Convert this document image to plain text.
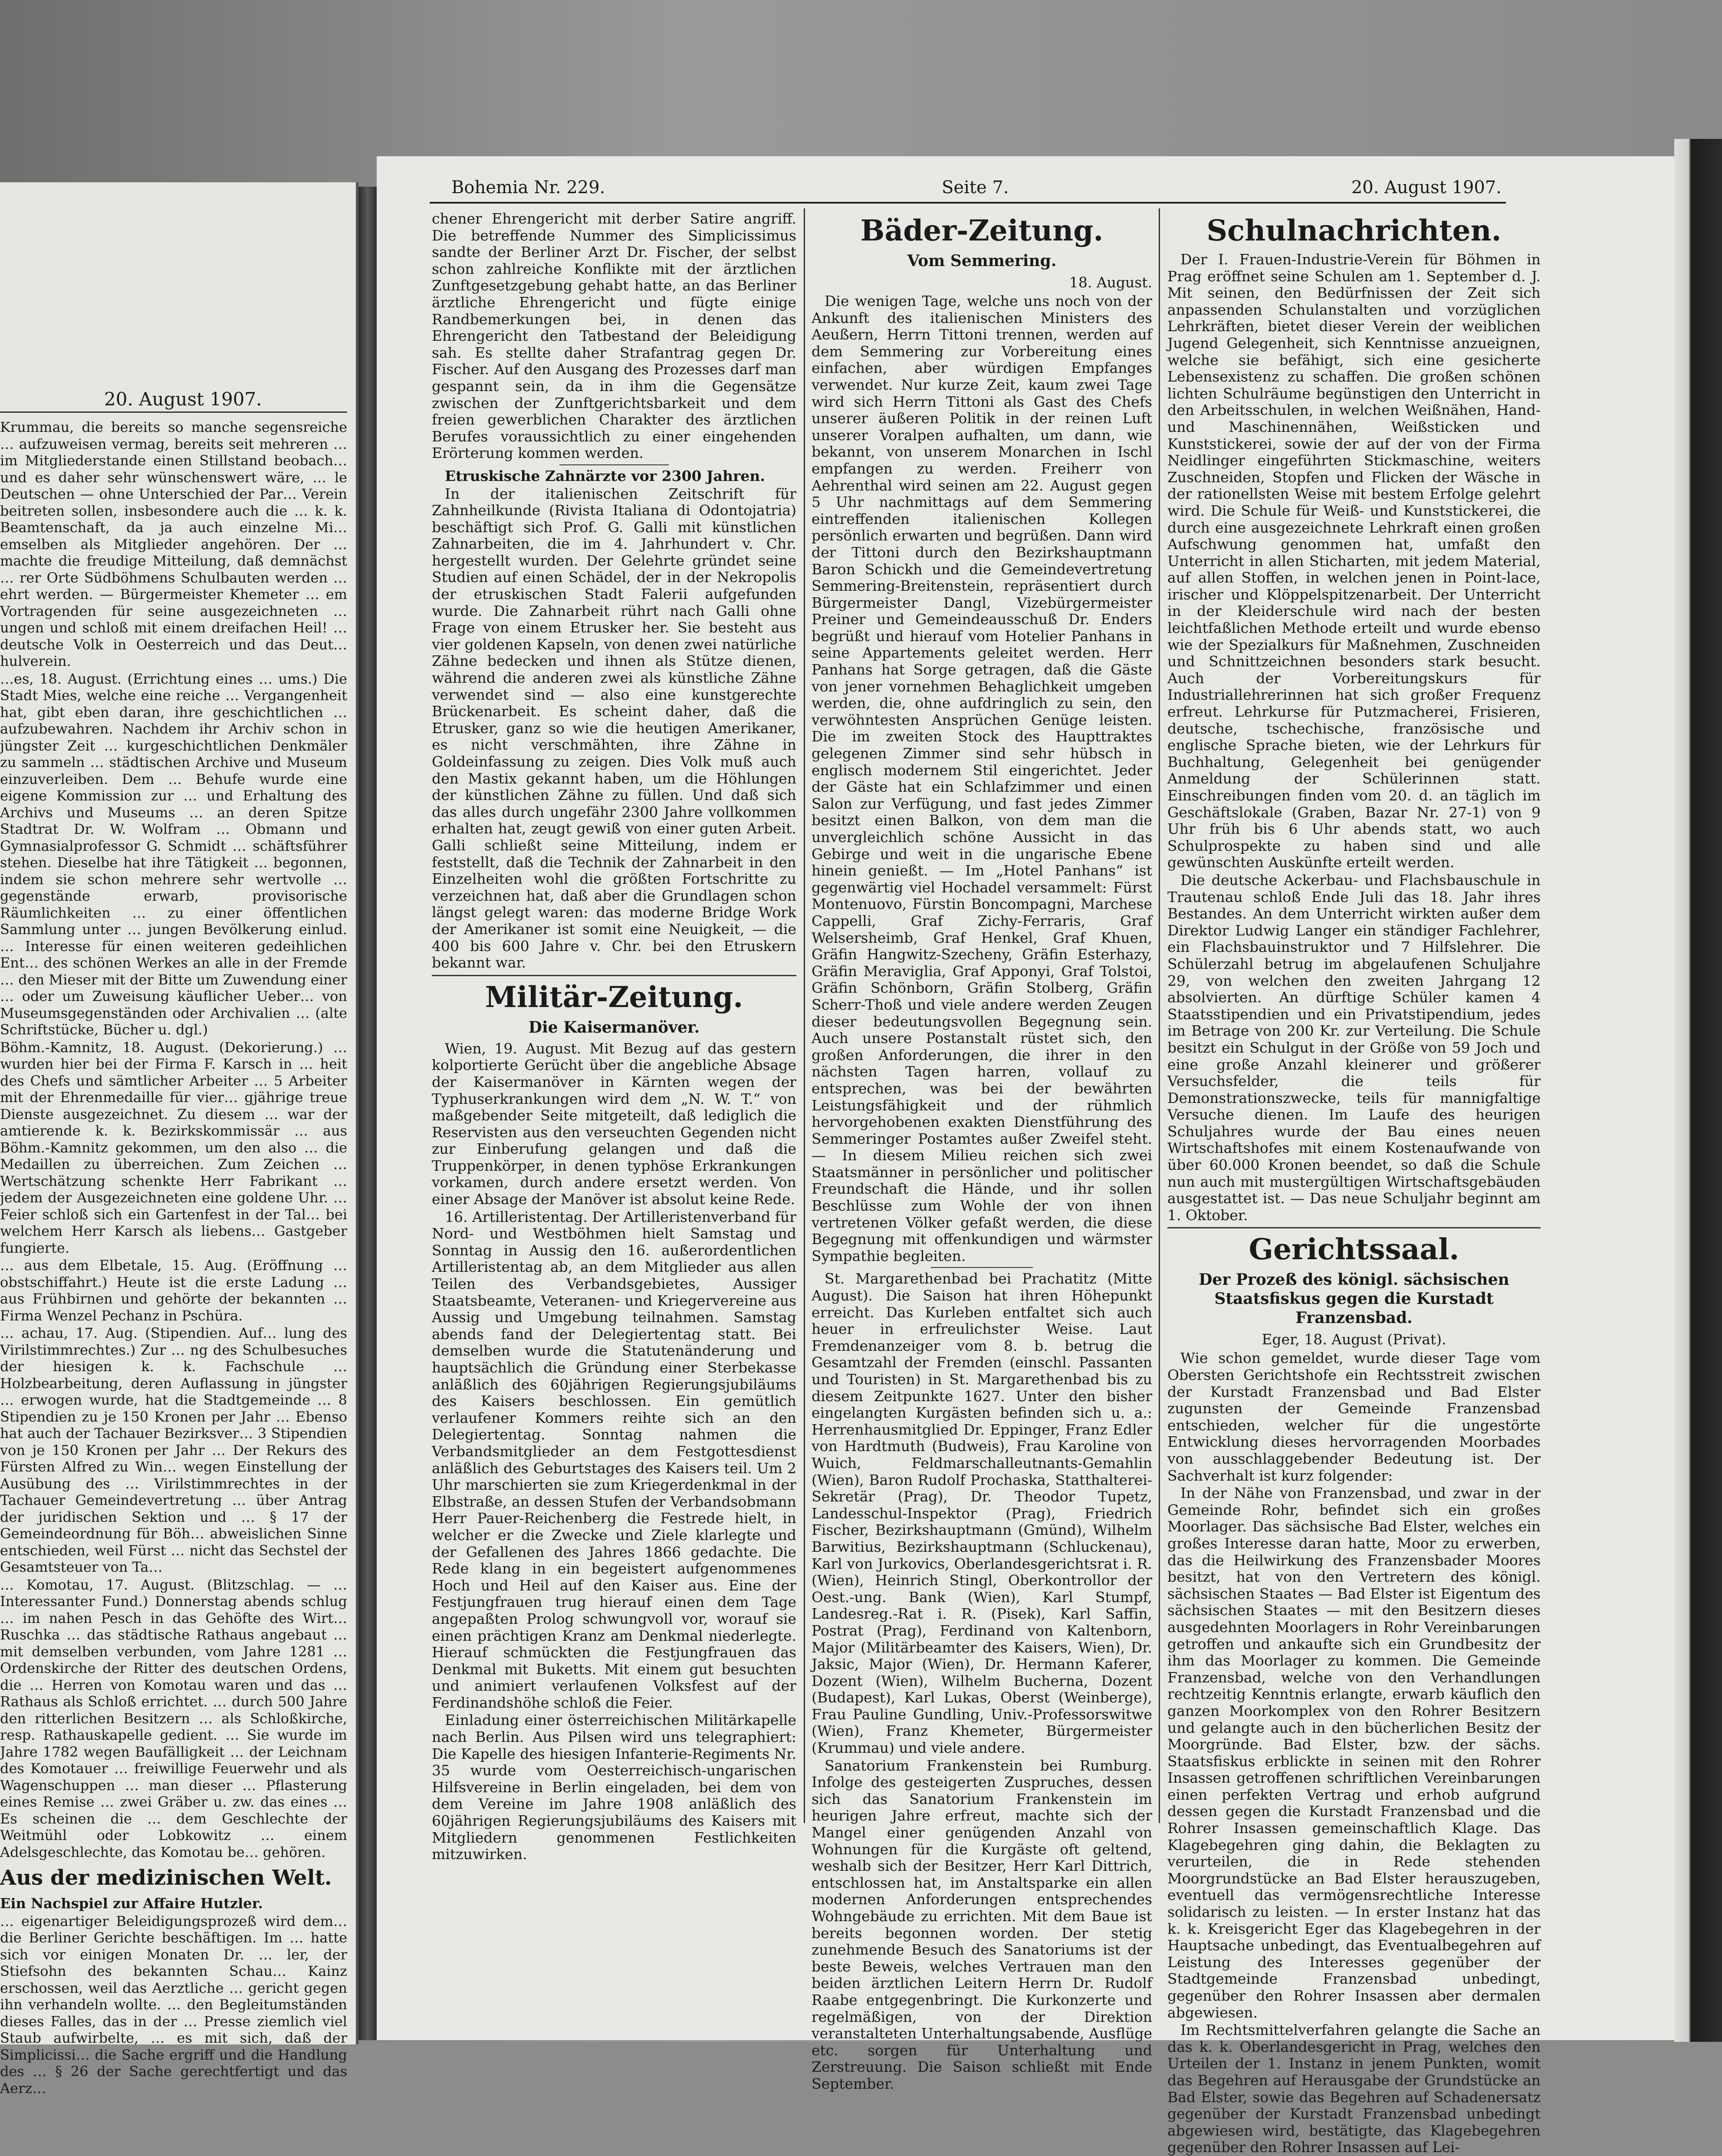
20. August 1907.

Krummau, die bereits so manche segensreiche … aufzuweisen vermag, bereits seit mehreren … im Mitgliederstande einen Stillstand beobach… und es daher sehr wünschenswert wäre, … le Deutschen — ohne Unterschied der Par… Verein beitreten sollen, insbesondere auch die … k. k. Beamtenschaft, da ja auch einzelne Mi… emselben als Mitglieder angehören. Der … machte die freudige Mitteilung, daß demnächst … rer Orte Südböhmens Schulbauten werden … ehrt werden. — Bürgermeister Khemeter … em Vortragenden für seine ausgezeichneten … ungen und schloß mit einem dreifachen Heil! … deutsche Volk in Oesterreich und das Deut… hulverein.

…es, 18. August. (Errichtung eines … ums.) Die Stadt Mies, welche eine reiche … Vergangenheit hat, gibt eben daran, ihre geschichtlichen … aufzubewahren. Nachdem ihr Archiv schon in jüngster Zeit … kurgeschichtlichen Denkmäler zu sammeln … städtischen Archive und Museum einzuverleiben. Dem … Behufe wurde eine eigene Kommission zur … und Erhaltung des Archivs und Museums … an deren Spitze Stadtrat Dr. W. Wolfram … Obmann und Gymnasialprofessor G. Schmidt … schäftsführer stehen. Dieselbe hat ihre Tätigkeit … begonnen, indem sie schon mehrere sehr wertvolle … gegenstände erwarb, provisorische Räumlichkeiten … zu einer öffentlichen Sammlung unter … jungen Bevölkerung einlud. … Interesse für einen weiteren gedeihlichen Ent… des schönen Werkes an alle in der Fremde … den Mieser mit der Bitte um Zuwendung einer … oder um Zuweisung käuflicher Ueber… von Museumsgegenständen oder Archivalien … (alte Schriftstücke, Bücher u. dgl.)

Böhm.-Kamnitz, 18. August. (Dekorierung.) … wurden hier bei der Firma F. Karsch in … heit des Chefs und sämtlicher Arbeiter … 5 Arbeiter mit der Ehrenmedaille für vier… gjährige treue Dienste ausgezeichnet. Zu diesem … war der amtierende k. k. Bezirkskommissär … aus Böhm.-Kamnitz gekommen, um den also … die Medaillen zu überreichen. Zum Zeichen … Wertschätzung schenkte Herr Fabrikant … jedem der Ausgezeichneten eine goldene Uhr. … Feier schloß sich ein Gartenfest in der Tal… bei welchem Herr Karsch als liebens… Gastgeber fungierte.

… aus dem Elbetale, 15. Aug. (Eröffnung … obstschiffahrt.) Heute ist die erste Ladung … aus Frühbirnen und gehörte der bekannten … Firma Wenzel Pechanz in Pschüra.

… achau, 17. Aug. (Stipendien. Auf… lung des Virilstimmrechtes.) Zur … ng des Schulbesuches der hiesigen k. k. Fachschule … Holzbearbeitung, deren Auflassung in jüngster … erwogen wurde, hat die Stadtgemeinde … 8 Stipendien zu je 150 Kronen per Jahr … Ebenso hat auch der Tachauer Bezirksver… 3 Stipendien von je 150 Kronen per Jahr … Der Rekurs des Fürsten Alfred zu Win… wegen Einstellung der Ausübung des … Virilstimmrechtes in der Tachauer Gemeindevertretung … über Antrag der juridischen Sektion und … § 17 der Gemeindeordnung für Böh… abweislichen Sinne entschieden, weil Fürst … nicht das Sechstel der Gesamtsteuer von Ta…

… Komotau, 17. August. (Blitzschlag. — … Interessanter Fund.) Donnerstag abends schlug … im nahen Pesch in das Gehöfte des Wirt… Ruschka … das städtische Rathaus angebaut … mit demselben verbunden, vom Jahre 1281 … Ordenskirche der Ritter des deutschen Ordens, die … Herren von Komotau waren und das … Rathaus als Schloß errichtet. … durch 500 Jahre den ritterlichen Besitzern … als Schloßkirche, resp. Rathauskapelle gedient. … Sie wurde im Jahre 1782 wegen Baufälligkeit … der Leichnam des Komotauer … freiwillige Feuerwehr und als Wagenschuppen … man dieser … Pflasterung eines Remise … zwei Gräber u. zw. das eines … Es scheinen die … dem Geschlechte der Weitmühl oder Lobkowitz … einem Adelsgeschlechte, das Komotau be… gehören.

Aus der medizinischen Welt.

Ein Nachspiel zur Affaire Hutzler.

… eigenartiger Beleidigungsprozeß wird dem… die Berliner Gerichte beschäftigen. Im … hatte sich vor einigen Monaten Dr. … ler, der Stiefsohn des bekannten Schau… Kainz erschossen, weil das Aerztliche … gericht gegen ihn verhandeln wollte. … den Begleitumständen dieses Falles, das in der … Presse ziemlich viel Staub aufwirbelte, … es mit sich, daß der Simplicissi… die Sache ergriff und die Handlung des … § 26 der Sache gerechtfertigt und das Aerz…

Bohemia Nr. 229.	Seite 7.	20. August 1907.

chener Ehrengericht mit derber Satire angriff. Die betreffende Nummer des Simplicissimus sandte der Berliner Arzt Dr. Fischer, der selbst schon zahlreiche Konflikte mit der ärztlichen Zunftgesetzgebung gehabt hatte, an das Berliner ärztliche Ehrengericht und fügte einige Randbemerkungen bei, in denen das Ehrengericht den Tatbestand der Beleidigung sah. Es stellte daher Strafantrag gegen Dr. Fischer. Auf den Ausgang des Prozesses darf man gespannt sein, da in ihm die Gegensätze zwischen der Zunftgerichtsbarkeit und dem freien gewerblichen Charakter des ärztlichen Berufes voraussichtlich zu einer eingehenden Erörterung kommen werden.

Etruskische Zahnärzte vor 2300 Jahren.

In der italienischen Zeitschrift für Zahnheilkunde (Rivista Italiana di Odontojatria) beschäftigt sich Prof. G. Galli mit künstlichen Zahnarbeiten, die im 4. Jahrhundert v. Chr. hergestellt wurden. Der Gelehrte gründet seine Studien auf einen Schädel, der in der Nekropolis der etruskischen Stadt Falerii aufgefunden wurde. Die Zahnarbeit rührt nach Galli ohne Frage von einem Etrusker her. Sie besteht aus vier goldenen Kapseln, von denen zwei natürliche Zähne bedecken und ihnen als Stütze dienen, während die anderen zwei als künstliche Zähne verwendet sind — also eine kunstgerechte Brückenarbeit. Es scheint daher, daß die Etrusker, ganz so wie die heutigen Amerikaner, es nicht verschmähten, ihre Zähne in Goldeinfassung zu zeigen. Dies Volk muß auch den Mastix gekannt haben, um die Höhlungen der künstlichen Zähne zu füllen. Und daß sich das alles durch ungefähr 2300 Jahre vollkommen erhalten hat, zeugt gewiß von einer guten Arbeit. Galli schließt seine Mitteilung, indem er feststellt, daß die Technik der Zahnarbeit in den Einzelheiten wohl die größten Fortschritte zu verzeichnen hat, daß aber die Grundlagen schon längst gelegt waren: das moderne Bridge Work der Amerikaner ist somit eine Neuigkeit, — die 400 bis 600 Jahre v. Chr. bei den Etruskern bekannt war.

Militär-Zeitung.
Die Kaisermanöver.

Wien, 19. August. Mit Bezug auf das gestern kolportierte Gerücht über die angebliche Absage der Kaisermanöver in Kärnten wegen der Typhuserkrankungen wird dem „N. W. T.“ von maßgebender Seite mitgeteilt, daß lediglich die Reservisten aus den verseuchten Gegenden nicht zur Einberufung gelangen und daß die Truppenkörper, in denen typhöse Erkrankungen vorkamen, durch andere ersetzt werden. Von einer Absage der Manöver ist absolut keine Rede.

16. Artilleristentag. Der Artilleristenverband für Nord- und Westböhmen hielt Samstag und Sonntag in Aussig den 16. außerordentlichen Artilleristentag ab, an dem Mitglieder aus allen Teilen des Verbandsgebietes, Aussiger Staatsbeamte, Veteranen- und Kriegervereine aus Aussig und Umgebung teilnahmen. Samstag abends fand der Delegiertentag statt. Bei demselben wurde die Statutenänderung und hauptsächlich die Gründung einer Sterbekasse anläßlich des 60jährigen Regierungsjubiläums des Kaisers beschlossen. Ein gemütlich verlaufener Kommers reihte sich an den Delegiertentag. Sonntag nahmen die Verbandsmitglieder an dem Festgottesdienst anläßlich des Geburtstages des Kaisers teil. Um 2 Uhr marschierten sie zum Kriegerdenkmal in der Elbstraße, an dessen Stufen der Verbandsobmann Herr Pauer-Reichenberg die Festrede hielt, in welcher er die Zwecke und Ziele klarlegte und der Gefallenen des Jahres 1866 gedachte. Die Rede klang in ein begeistert aufgenommenes Hoch und Heil auf den Kaiser aus. Eine der Festjungfrauen trug hierauf einen dem Tage angepaßten Prolog schwungvoll vor, worauf sie einen prächtigen Kranz am Denkmal niederlegte. Hierauf schmückten die Festjungfrauen das Denkmal mit Buketts. Mit einem gut besuchten und animiert verlaufenen Volksfest auf der Ferdinandshöhe schloß die Feier.

Einladung einer österreichischen Militärkapelle nach Berlin. Aus Pilsen wird uns telegraphiert: Die Kapelle des hiesigen Infanterie-Regiments Nr. 35 wurde vom Oesterreichisch-ungarischen Hilfsvereine in Berlin eingeladen, bei dem von dem Vereine im Jahre 1908 anläßlich des 60jährigen Regierungsjubiläums des Kaisers mit Mitgliedern genommenen Festlichkeiten mitzuwirken.

Bäder-Zeitung.
Vom Semmering.
18. August.

Die wenigen Tage, welche uns noch von der Ankunft des italienischen Ministers des Aeußern, Herrn Tittoni trennen, werden auf dem Semmering zur Vorbereitung eines einfachen, aber würdigen Empfanges verwendet. Nur kurze Zeit, kaum zwei Tage wird sich Herrn Tittoni als Gast des Chefs unserer äußeren Politik in der reinen Luft unserer Voralpen aufhalten, um dann, wie bekannt, von unserem Monarchen in Ischl empfangen zu werden. Freiherr von Aehrenthal wird seinen am 22. August gegen 5 Uhr nachmittags auf dem Semmering eintreffenden italienischen Kollegen persönlich erwarten und begrüßen. Dann wird der Tittoni durch den Bezirkshauptmann Baron Schickh und die Gemeindevertretung Semmering-Breitenstein, repräsentiert durch Bürgermeister Dangl, Vizebürgermeister Preiner und Gemeindeausschuß Dr. Enders begrüßt und hierauf vom Hotelier Panhans in seine Appartements geleitet werden. Herr Panhans hat Sorge getragen, daß die Gäste von jener vornehmen Behaglichkeit umgeben werden, die, ohne aufdringlich zu sein, den verwöhntesten Ansprüchen Genüge leisten. Die im zweiten Stock des Haupttraktes gelegenen Zimmer sind sehr hübsch in englisch modernem Stil eingerichtet. Jeder der Gäste hat ein Schlafzimmer und einen Salon zur Verfügung, und fast jedes Zimmer besitzt einen Balkon, von dem man die unvergleichlich schöne Aussicht in das Gebirge und weit in die ungarische Ebene hinein genießt. — Im „Hotel Panhans“ ist gegenwärtig viel Hochadel versammelt: Fürst Montenuovo, Fürstin Boncompagni, Marchese Cappelli, Graf Zichy-Ferraris, Graf Welsersheimb, Graf Henkel, Graf Khuen, Gräfin Hangwitz-Szecheny, Gräfin Esterhazy, Gräfin Meraviglia, Graf Apponyi, Graf Tolstoi, Gräfin Schönborn, Gräfin Stolberg, Gräfin Scherr-Thoß und viele andere werden Zeugen dieser bedeutungsvollen Begegnung sein. Auch unsere Postanstalt rüstet sich, den großen Anforderungen, die ihrer in den nächsten Tagen harren, vollauf zu entsprechen, was bei der bewährten Leistungsfähigkeit und der rühmlich hervorgehobenen exakten Dienstführung des Semmeringer Postamtes außer Zweifel steht. — In diesem Milieu reichen sich zwei Staatsmänner in persönlicher und politischer Freundschaft die Hände, und ihr sollen Beschlüsse zum Wohle der von ihnen vertretenen Völker gefaßt werden, die diese Begegnung mit offenkundigen und wärmster Sympathie begleiten.

St. Margarethenbad bei Prachatitz (Mitte August). Die Saison hat ihren Höhepunkt erreicht. Das Kurleben entfaltet sich auch heuer in erfreulichster Weise. Laut Fremdenanzeiger vom 8. b. betrug die Gesamtzahl der Fremden (einschl. Passanten und Touristen) in St. Margarethenbad bis zu diesem Zeitpunkte 1627. Unter den bisher eingelangten Kurgästen befinden sich u. a.: Herrenhausmitglied Dr. Eppinger, Franz Edler von Hardtmuth (Budweis), Frau Karoline von Wuich, Feldmarschalleutnants-Gemahlin (Wien), Baron Rudolf Prochaska, Statthalterei-Sekretär (Prag), Dr. Theodor Tupetz, Landesschul-Inspektor (Prag), Friedrich Fischer, Bezirkshauptmann (Gmünd), Wilhelm Barwitius, Bezirkshauptmann (Schluckenau), Karl von Jurkovics, Oberlandesgerichtsrat i. R. (Wien), Heinrich Stingl, Oberkontrollor der Oest.-ung. Bank (Wien), Karl Stumpf, Landesreg.-Rat i. R. (Pisek), Karl Saffin, Postrat (Prag), Ferdinand von Kaltenborn, Major (Militärbeamter des Kaisers, Wien), Dr. Jaksic, Major (Wien), Dr. Hermann Kaferer, Dozent (Wien), Wilhelm Bucherna, Dozent (Budapest), Karl Lukas, Oberst (Weinberge), Frau Pauline Gundling, Univ.-Professorswitwe (Wien), Franz Khemeter, Bürgermeister (Krummau) und viele andere.

Sanatorium Frankenstein bei Rumburg. Infolge des gesteigerten Zuspruches, dessen sich das Sanatorium Frankenstein im heurigen Jahre erfreut, machte sich der Mangel einer genügenden Anzahl von Wohnungen für die Kurgäste oft geltend, weshalb sich der Besitzer, Herr Karl Dittrich, entschlossen hat, im Anstaltsparke ein allen modernen Anforderungen entsprechendes Wohngebäude zu errichten. Mit dem Baue ist bereits begonnen worden. Der stetig zunehmende Besuch des Sanatoriums ist der beste Beweis, welches Vertrauen man den beiden ärztlichen Leitern Herrn Dr. Rudolf Raabe entgegenbringt. Die Kurkonzerte und regelmäßigen, von der Direktion veranstalteten Unterhaltungsabende, Ausflüge etc. sorgen für Unterhaltung und Zerstreuung. Die Saison schließt mit Ende September.

Schulnachrichten.

Der I. Frauen-Industrie-Verein für Böhmen in Prag eröffnet seine Schulen am 1. September d. J. Mit seinen, den Bedürfnissen der Zeit sich anpassenden Schulanstalten und vorzüglichen Lehrkräften, bietet dieser Verein der weiblichen Jugend Gelegenheit, sich Kenntnisse anzueignen, welche sie befähigt, sich eine gesicherte Lebensexistenz zu schaffen. Die großen schönen lichten Schulräume begünstigen den Unterricht in den Arbeitsschulen, in welchen Weißnähen, Hand- und Maschinennähen, Weißsticken und Kunststickerei, sowie der auf der von der Firma Neidlinger eingeführten Stickmaschine, weiters Zuschneiden, Stopfen und Flicken der Wäsche in der rationellsten Weise mit bestem Erfolge gelehrt wird. Die Schule für Weiß- und Kunststickerei, die durch eine ausgezeichnete Lehrkraft einen großen Aufschwung genommen hat, umfaßt den Unterricht in allen Sticharten, mit jedem Material, auf allen Stoffen, in welchen jenen in Point-lace, irischer und Klöppelspitzenarbeit. Der Unterricht in der Kleiderschule wird nach der besten leichtfaßlichen Methode erteilt und wurde ebenso wie der Spezialkurs für Maßnehmen, Zuschneiden und Schnittzeichnen besonders stark besucht. Auch der Vorbereitungskurs für Industriallehrerinnen hat sich großer Frequenz erfreut. Lehrkurse für Putzmacherei, Frisieren, deutsche, tschechische, französische und englische Sprache bieten, wie der Lehrkurs für Buchhaltung, Gelegenheit bei genügender Anmeldung der Schülerinnen statt. Einschreibungen finden vom 20. d. an täglich im Geschäftslokale (Graben, Bazar Nr. 27-1) von 9 Uhr früh bis 6 Uhr abends statt, wo auch Schulprospekte zu haben sind und alle gewünschten Auskünfte erteilt werden.

Die deutsche Ackerbau- und Flachsbauschule in Trautenau schloß Ende Juli das 18. Jahr ihres Bestandes. An dem Unterricht wirkten außer dem Direktor Ludwig Langer ein ständiger Fachlehrer, ein Flachsbauinstruktor und 7 Hilfslehrer. Die Schülerzahl betrug im abgelaufenen Schuljahre 29, von welchen den zweiten Jahrgang 12 absolvierten. An dürftige Schüler kamen 4 Staatsstipendien und ein Privatstipendium, jedes im Betrage von 200 Kr. zur Verteilung. Die Schule besitzt ein Schulgut in der Größe von 59 Joch und eine große Anzahl kleinerer und größerer Versuchsfelder, die teils für Demonstrationszwecke, teils für mannigfaltige Versuche dienen. Im Laufe des heurigen Schuljahres wurde der Bau eines neuen Wirtschaftshofes mit einem Kostenaufwande von über 60.000 Kronen beendet, so daß die Schule nun auch mit mustergültigen Wirtschaftsgebäuden ausgestattet ist. — Das neue Schuljahr beginnt am 1. Oktober.

Gerichtssaal.
Der Prozeß des königl. sächsischen Staatsfiskus gegen die Kurstadt Franzensbad.
Eger, 18. August (Privat).

Wie schon gemeldet, wurde dieser Tage vom Obersten Gerichtshofe ein Rechtsstreit zwischen der Kurstadt Franzensbad und Bad Elster zugunsten der Gemeinde Franzensbad entschieden, welcher für die ungestörte Entwicklung dieses hervorragenden Moorbades von ausschlaggebender Bedeutung ist. Der Sachverhalt ist kurz folgender:

In der Nähe von Franzensbad, und zwar in der Gemeinde Rohr, befindet sich ein großes Moorlager. Das sächsische Bad Elster, welches ein großes Interesse daran hatte, Moor zu erwerben, das die Heilwirkung des Franzensbader Moores besitzt, hat von den Vertretern des königl. sächsischen Staates — Bad Elster ist Eigentum des sächsischen Staates — mit den Besitzern dieses ausgedehnten Moorlagers in Rohr Vereinbarungen getroffen und ankaufte sich ein Grundbesitz der ihm das Moorlager zu kommen. Die Gemeinde Franzensbad, welche von den Verhandlungen rechtzeitig Kenntnis erlangte, erwarb käuflich den ganzen Moorkomplex von den Rohrer Besitzern und gelangte auch in den bücherlichen Besitz der Moorgründe. Bad Elster, bzw. der sächs. Staatsfiskus erblickte in seinen mit den Rohrer Insassen getroffenen schriftlichen Vereinbarungen einen perfekten Vertrag und erhob aufgrund dessen gegen die Kurstadt Franzensbad und die Rohrer Insassen gemeinschaftlich Klage. Das Klagebegehren ging dahin, die Beklagten zu verurteilen, die in Rede stehenden Moorgrundstücke an Bad Elster herauszugeben, eventuell das vermögensrechtliche Interesse solidarisch zu leisten. — In erster Instanz hat das k. k. Kreisgericht Eger das Klagebegehren in der Hauptsache unbedingt, das Eventualbegehren auf Leistung des Interesses gegenüber der Stadtgemeinde Franzensbad unbedingt, gegenüber den Rohrer Insassen aber dermalen abgewiesen.

Im Rechtsmittelverfahren gelangte die Sache an das k. k. Oberlandesgericht in Prag, welches den Urteilen der 1. Instanz in jenem Punkten, womit das Begehren auf Herausgabe der Grundstücke an Bad Elster, sowie das Begehren auf Schadenersatz gegenüber der Kurstadt Franzensbad unbedingt abgewiesen wird, bestätigte, das Klagebegehren gegenüber den Rohrer Insassen auf Lei-
